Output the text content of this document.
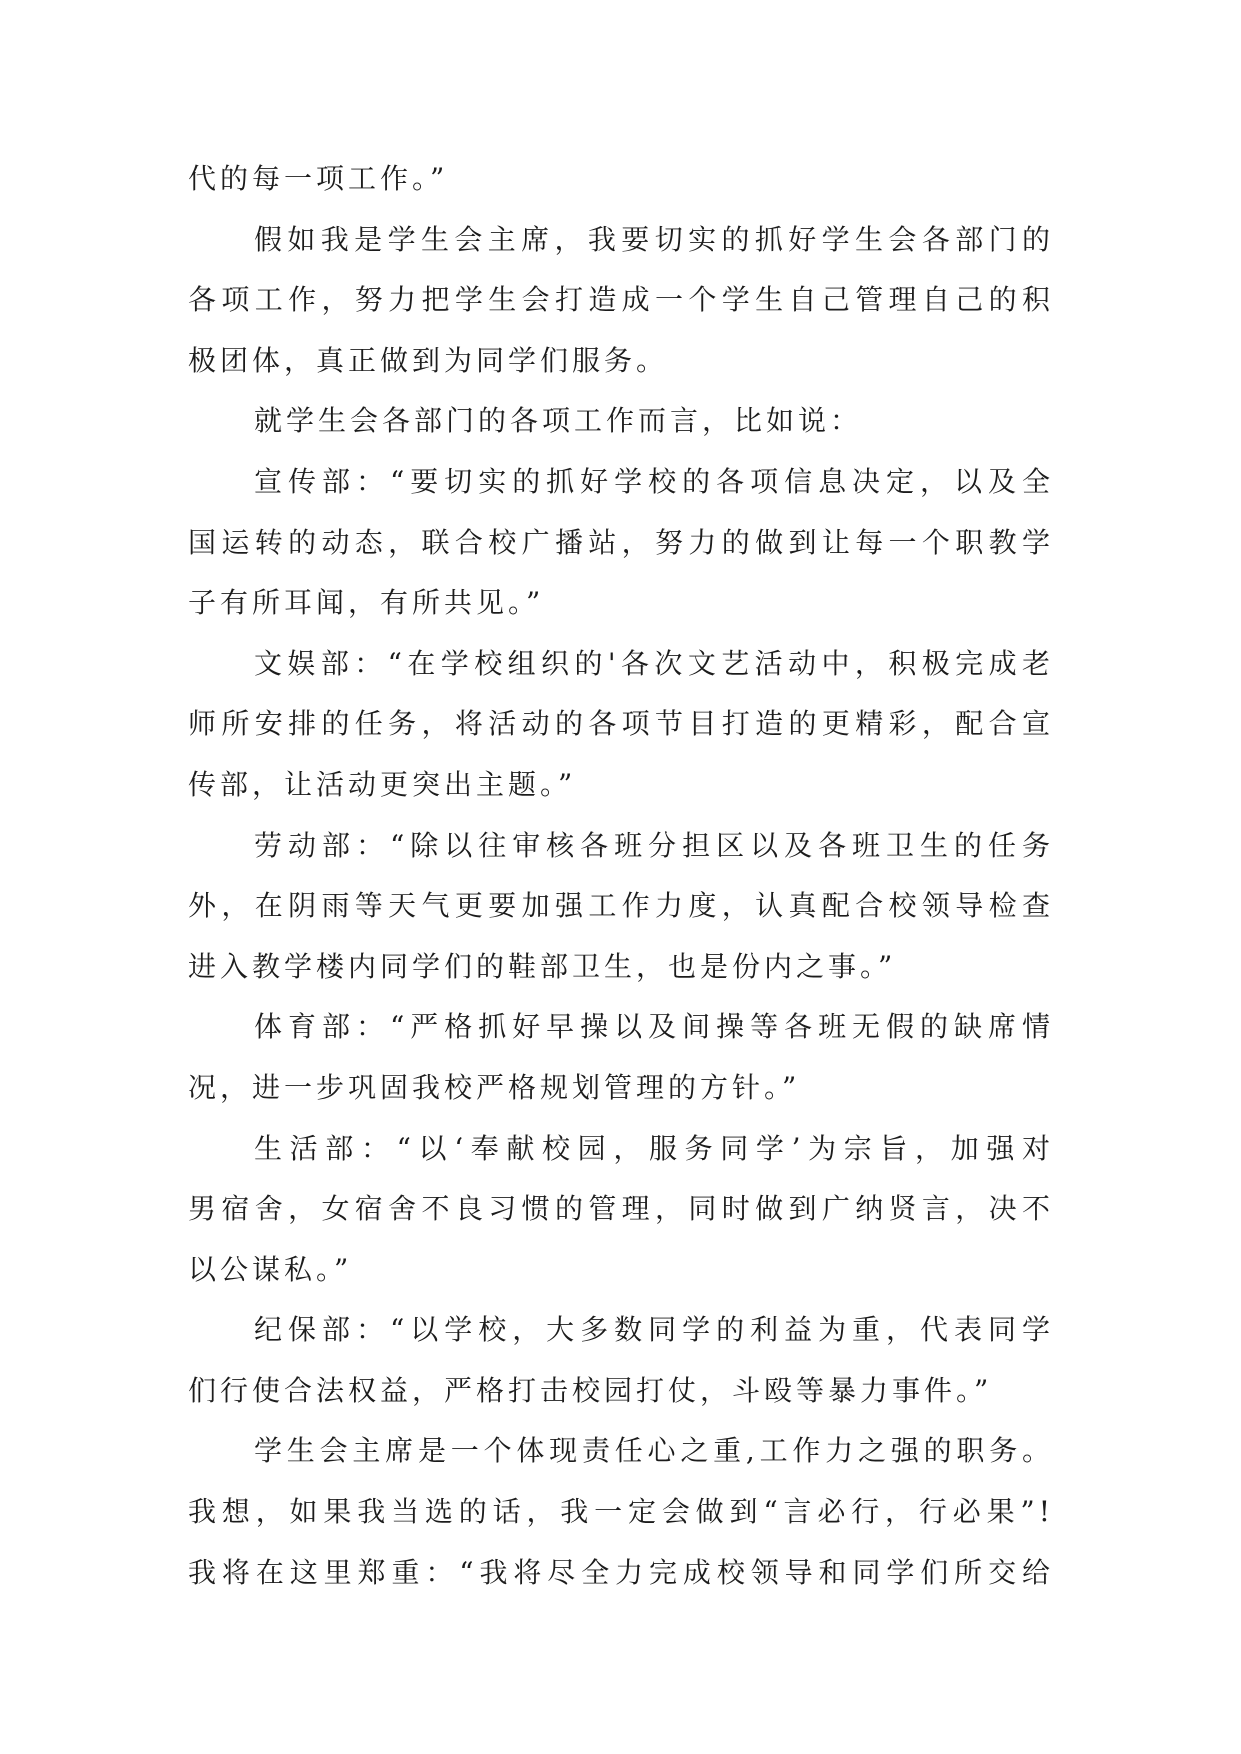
代的每一项工作。”
假如我是学生会主席，我要切实的抓好学生会各部门的
各项工作，努力把学生会打造成一个学生自己管理自己的积
极团体，真正做到为同学们服务。
就学生会各部门的各项工作而言，比如说：
宣传部：“要切实的抓好学校的各项信息决定，以及全
国运转的动态，联合校广播站，努力的做到让每一个职教学
子有所耳闻，有所共见。”
文娱部：“在学校组织的'各次文艺活动中，积极完成老
师所安排的任务，将活动的各项节目打造的更精彩，配合宣
传部，让活动更突出主题。”
劳动部：“除以往审核各班分担区以及各班卫生的任务
外，在阴雨等天气更要加强工作力度，认真配合校领导检查
进入教学楼内同学们的鞋部卫生，也是份内之事。”
体育部：“严格抓好早操以及间操等各班无假的缺席情
况，进一步巩固我校严格规划管理的方针。”
生活部：“以‘奉献校园，服务同学’为宗旨，加强对
男宿舍，女宿舍不良习惯的管理，同时做到广纳贤言，决不
以公谋私。”
纪保部：“以学校，大多数同学的利益为重，代表同学
们行使合法权益，严格打击校园打仗，斗殴等暴力事件。”
学生会主席是一个体现责任心之重,工作力之强的职务。
我想，如果我当选的话，我一定会做到“言必行，行必果”!
我将在这里郑重：“我将尽全力完成校领导和同学们所交给
